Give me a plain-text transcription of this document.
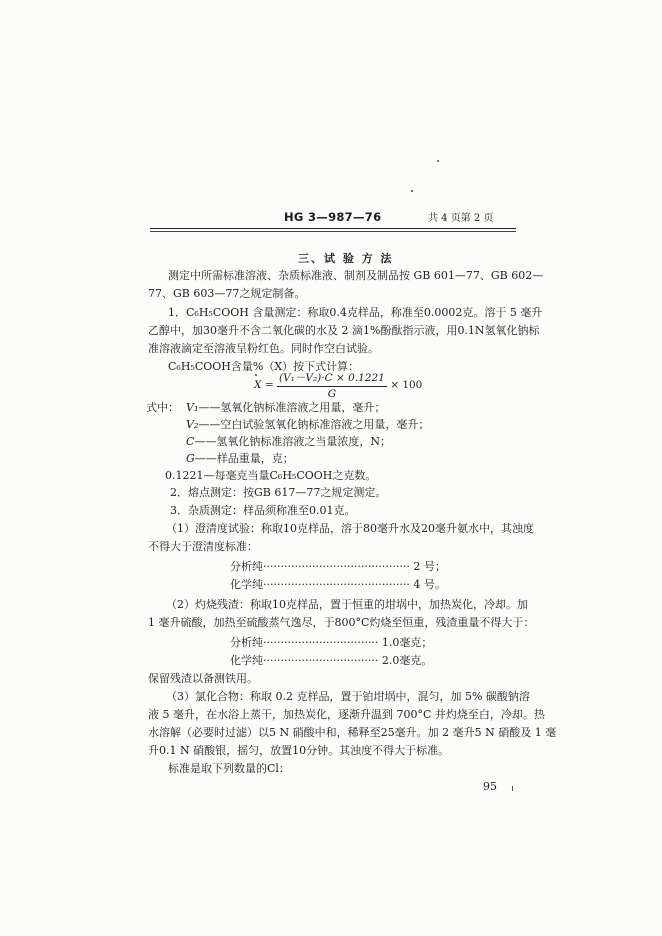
HG 3—987—76	共 4 页第 2 页
三、试 验 方 法
测定中所需标准溶液、杂质标准液、制剂及制品按 GB 601—77、GB 602—
77、GB 603—77之规定制备。
1．C₆H₅COOH 含量测定：称取0.4克样品，称准至0.0002克。溶于 5 毫升
乙醇中，加30毫升不含二氧化碳的水及 2 滴1%酚酞指示液，用0.1N氢氧化钠标
准溶液滴定至溶液呈粉红色。同时作空白试验。
C₆H₅COOH含量%（X）按下式计算：
$X = \frac{\text{(V₁－V₂)·C × 0.1221}}{G} \times 100$
式中： V₁——氢氧化钠标准溶液之用量，毫升；
V₂——空白试验氢氧化钠标准溶液之用量，毫升；
C——氢氧化钠标准溶液之当量浓度，N；
G——样品重量，克；
0.1221—每毫克当量C₆H₅COOH之克数。
2．熔点测定：按GB 617—77之规定测定。
3．杂质测定：样品须称准至0.01克。
（1）澄清度试验：称取10克样品，溶于80毫升水及20毫升氨水中，其浊度
不得大于澄清度标准：
分析纯·········································· 2 号；
化学纯·········································· 4 号。
（2）灼烧残渣：称取10克样品，置于恒重的坩埚中，加热炭化，冷却。加
1 毫升硫酸，加热至硫酸蒸气逸尽，于800°C灼烧至恒重，残渣重量不得大于：
分析纯································· 1.0毫克；
化学纯································· 2.0毫克。
保留残渣以备测铁用。
（3）氯化合物：称取 0.2 克样品，置于铂坩埚中，混匀，加 5% 碳酸钠溶
液 5 毫升，在水浴上蒸干，加热炭化，逐渐升温到 700°C 并灼烧至白，冷却。热
水溶解（必要时过滤）以5 N 硝酸中和，稀释至25毫升。加 2 毫升5 N 硝酸及 1 毫
升0.1 N 硝酸银，摇匀，放置10分钟。其浊度不得大于标准。
标准是取下列数量的Cl：
95
